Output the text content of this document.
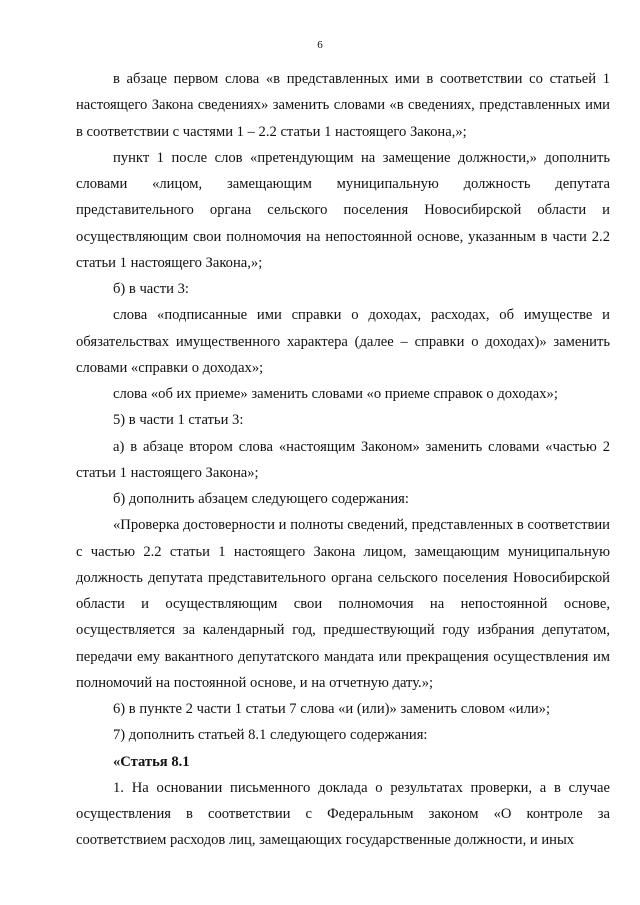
6

в абзаце первом слова «в представленных ими в соответствии со статьей 1 настоящего Закона сведениях» заменить словами «в сведениях, представленных ими в соответствии с частями 1 – 2.2 статьи 1 настоящего Закона,»;

пункт 1 после слов «претендующим на замещение должности,» дополнить словами «лицом, замещающим муниципальную должность депутата представительного органа сельского поселения Новосибирской области и осуществляющим свои полномочия на непостоянной основе, указанным в части 2.2 статьи 1 настоящего Закона,»;

б) в части 3:

слова «подписанные ими справки о доходах, расходах, об имуществе и обязательствах имущественного характера (далее – справки о доходах)» заменить словами «справки о доходах»;

слова «об их приеме» заменить словами «о приеме справок о доходах»;

5) в части 1 статьи 3:

а) в абзаце втором слова «настоящим Законом» заменить словами «частью 2 статьи 1 настоящего Закона»;

б) дополнить абзацем следующего содержания:

«Проверка достоверности и полноты сведений, представленных в соответствии с частью 2.2 статьи 1 настоящего Закона лицом, замещающим муниципальную должность депутата представительного органа сельского поселения Новосибирской области и осуществляющим свои полномочия на непостоянной основе, осуществляется за календарный год, предшествующий году избрания депутатом, передачи ему вакантного депутатского мандата или прекращения осуществления им полномочий на постоянной основе, и на отчетную дату.»;

6) в пункте 2 части 1 статьи 7 слова «и (или)» заменить словом «или»;

7) дополнить статьей 8.1 следующего содержания:

«Статья 8.1

1. На основании письменного доклада о результатах проверки, а в случае осуществления в соответствии с Федеральным законом «О контроле за соответствием расходов лиц, замещающих государственные должности, и иных
